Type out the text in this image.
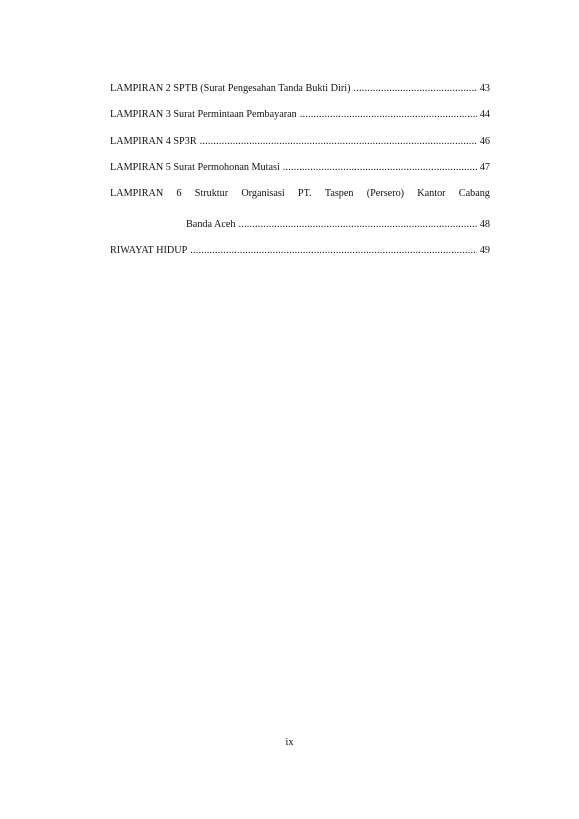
LAMPIRAN 2 SPTB (Surat Pengesahan Tanda Bukti Diri) .....	43
LAMPIRAN 3 Surat Permintaan Pembayaran .....	44
LAMPIRAN 4 SP3R .....	46
LAMPIRAN 5 Surat Permohonan Mutasi .....	47
LAMPIRAN 6 Struktur Organisasi PT. Taspen (Persero) Kantor Cabang
Banda Aceh .....	48
RIWAYAT HIDUP .....	49
ix
